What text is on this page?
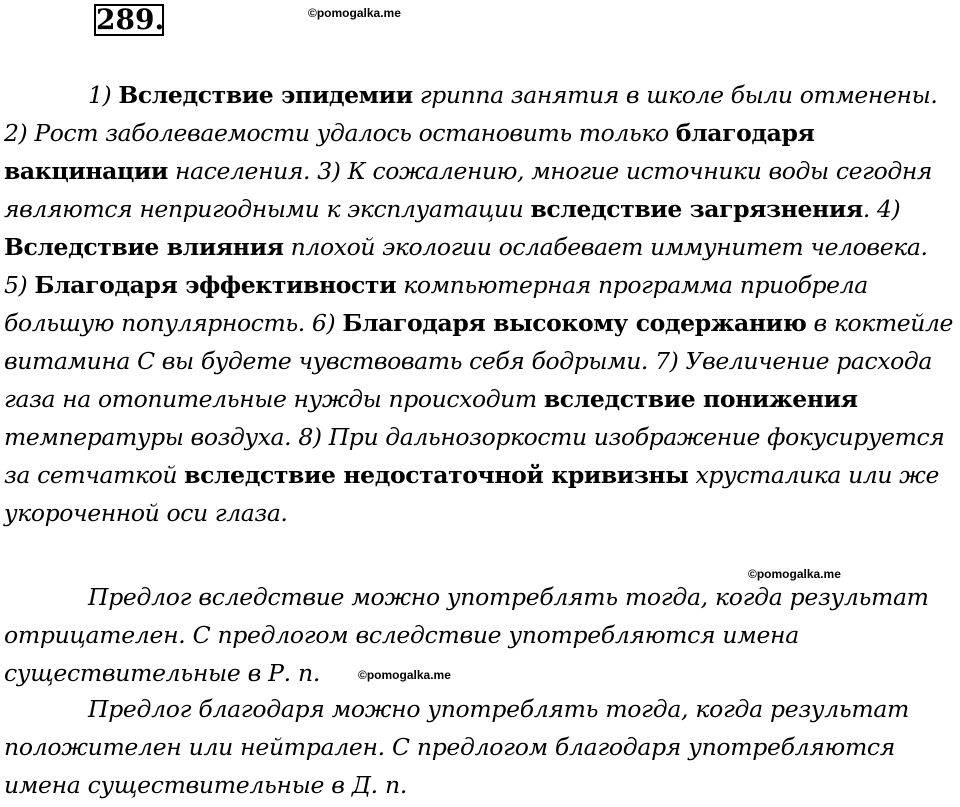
289.	©pomogalka.me

1) Вследствие эпидемии гриппа занятия в школе были отменены. 2) Рост заболеваемости удалось остановить только благодаря вакцинации населения. 3) К сожалению, многие источники воды сегодня являются непригодными к эксплуатации вследствие загрязнения. 4) Вследствие влияния плохой экологии ослабевает иммунитет человека. 5) Благодаря эффективности компьютерная программа приобрела большую популярность. 6) Благодаря высокому содержанию в коктейле витамина С вы будете чувствовать себя бодрыми. 7) Увеличение расхода газа на отопительные нужды происходит вследствие понижения температуры воздуха. 8) При дальнозоркости изображение фокусируется за сетчаткой вследствие недостаточной кривизны хрусталика или же укороченной оси глаза.

©pomogalka.me

Предлог вследствие можно употреблять тогда, когда результат отрицателен. С предлогом вследствие употребляются имена существительные в Р. п.	©pomogalka.me

Предлог благодаря можно употреблять тогда, когда результат положителен или нейтрален. С предлогом благодаря употребляются имена существительные в Д. п.
